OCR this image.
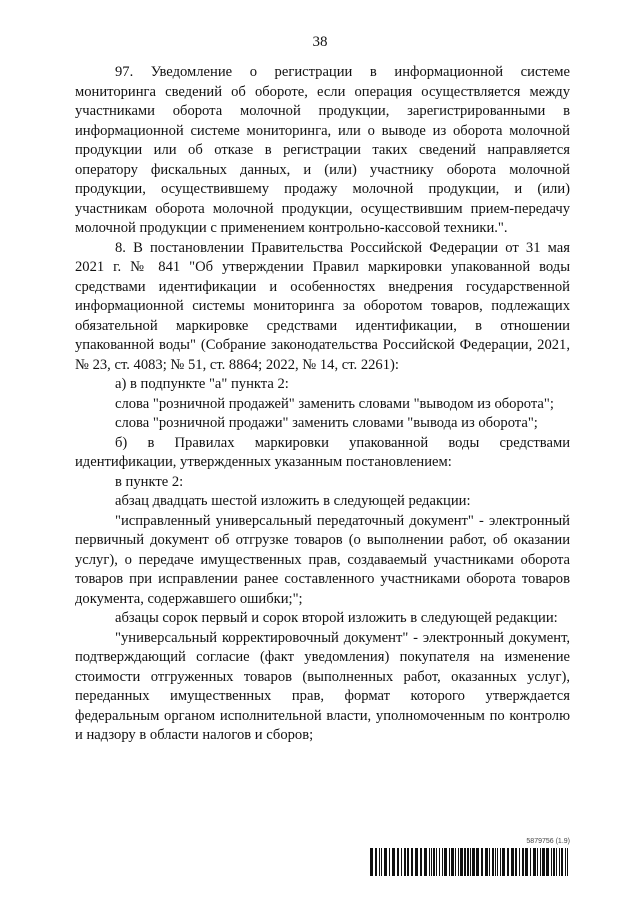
38

97. Уведомление о регистрации в информационной системе мониторинга сведений об обороте, если операция осуществляется между участниками оборота молочной продукции, зарегистрированными в информационной системе мониторинга, или о выводе из оборота молочной продукции или об отказе в регистрации таких сведений направляется оператору фискальных данных, и (или) участнику оборота молочной продукции, осуществившему продажу молочной продукции, и (или) участникам оборота молочной продукции, осуществившим прием-передачу молочной продукции с применением контрольно-кассовой техники.".

8. В постановлении Правительства Российской Федерации от 31 мая 2021 г. № 841 "Об утверждении Правил маркировки упакованной воды средствами идентификации и особенностях внедрения государственной информационной системы мониторинга за оборотом товаров, подлежащих обязательной маркировке средствами идентификации, в отношении упакованной воды" (Собрание законодательства Российской Федерации, 2021, № 23, ст. 4083; № 51, ст. 8864; 2022, № 14, ст. 2261):

а) в подпункте "а" пункта 2:

слова "розничной продажей" заменить словами "выводом из оборота";

слова "розничной продажи" заменить словами "вывода из оборота";

б) в Правилах маркировки упакованной воды средствами идентификации, утвержденных указанным постановлением:

в пункте 2:

абзац двадцать шестой изложить в следующей редакции:

"исправленный универсальный передаточный документ" - электронный первичный документ об отгрузке товаров (о выполнении работ, об оказании услуг), о передаче имущественных прав, создаваемый участниками оборота товаров при исправлении ранее составленного участниками оборота товаров документа, содержавшего ошибки;";

абзацы сорок первый и сорок второй изложить в следующей редакции:

"универсальный корректировочный документ" - электронный документ, подтверждающий согласие (факт уведомления) покупателя на изменение стоимости отгруженных товаров (выполненных работ, оказанных услуг), переданных имущественных прав, формат которого утверждается федеральным органом исполнительной власти, уполномоченным по контролю и надзору в области налогов и сборов;

5879756 (1.9)
